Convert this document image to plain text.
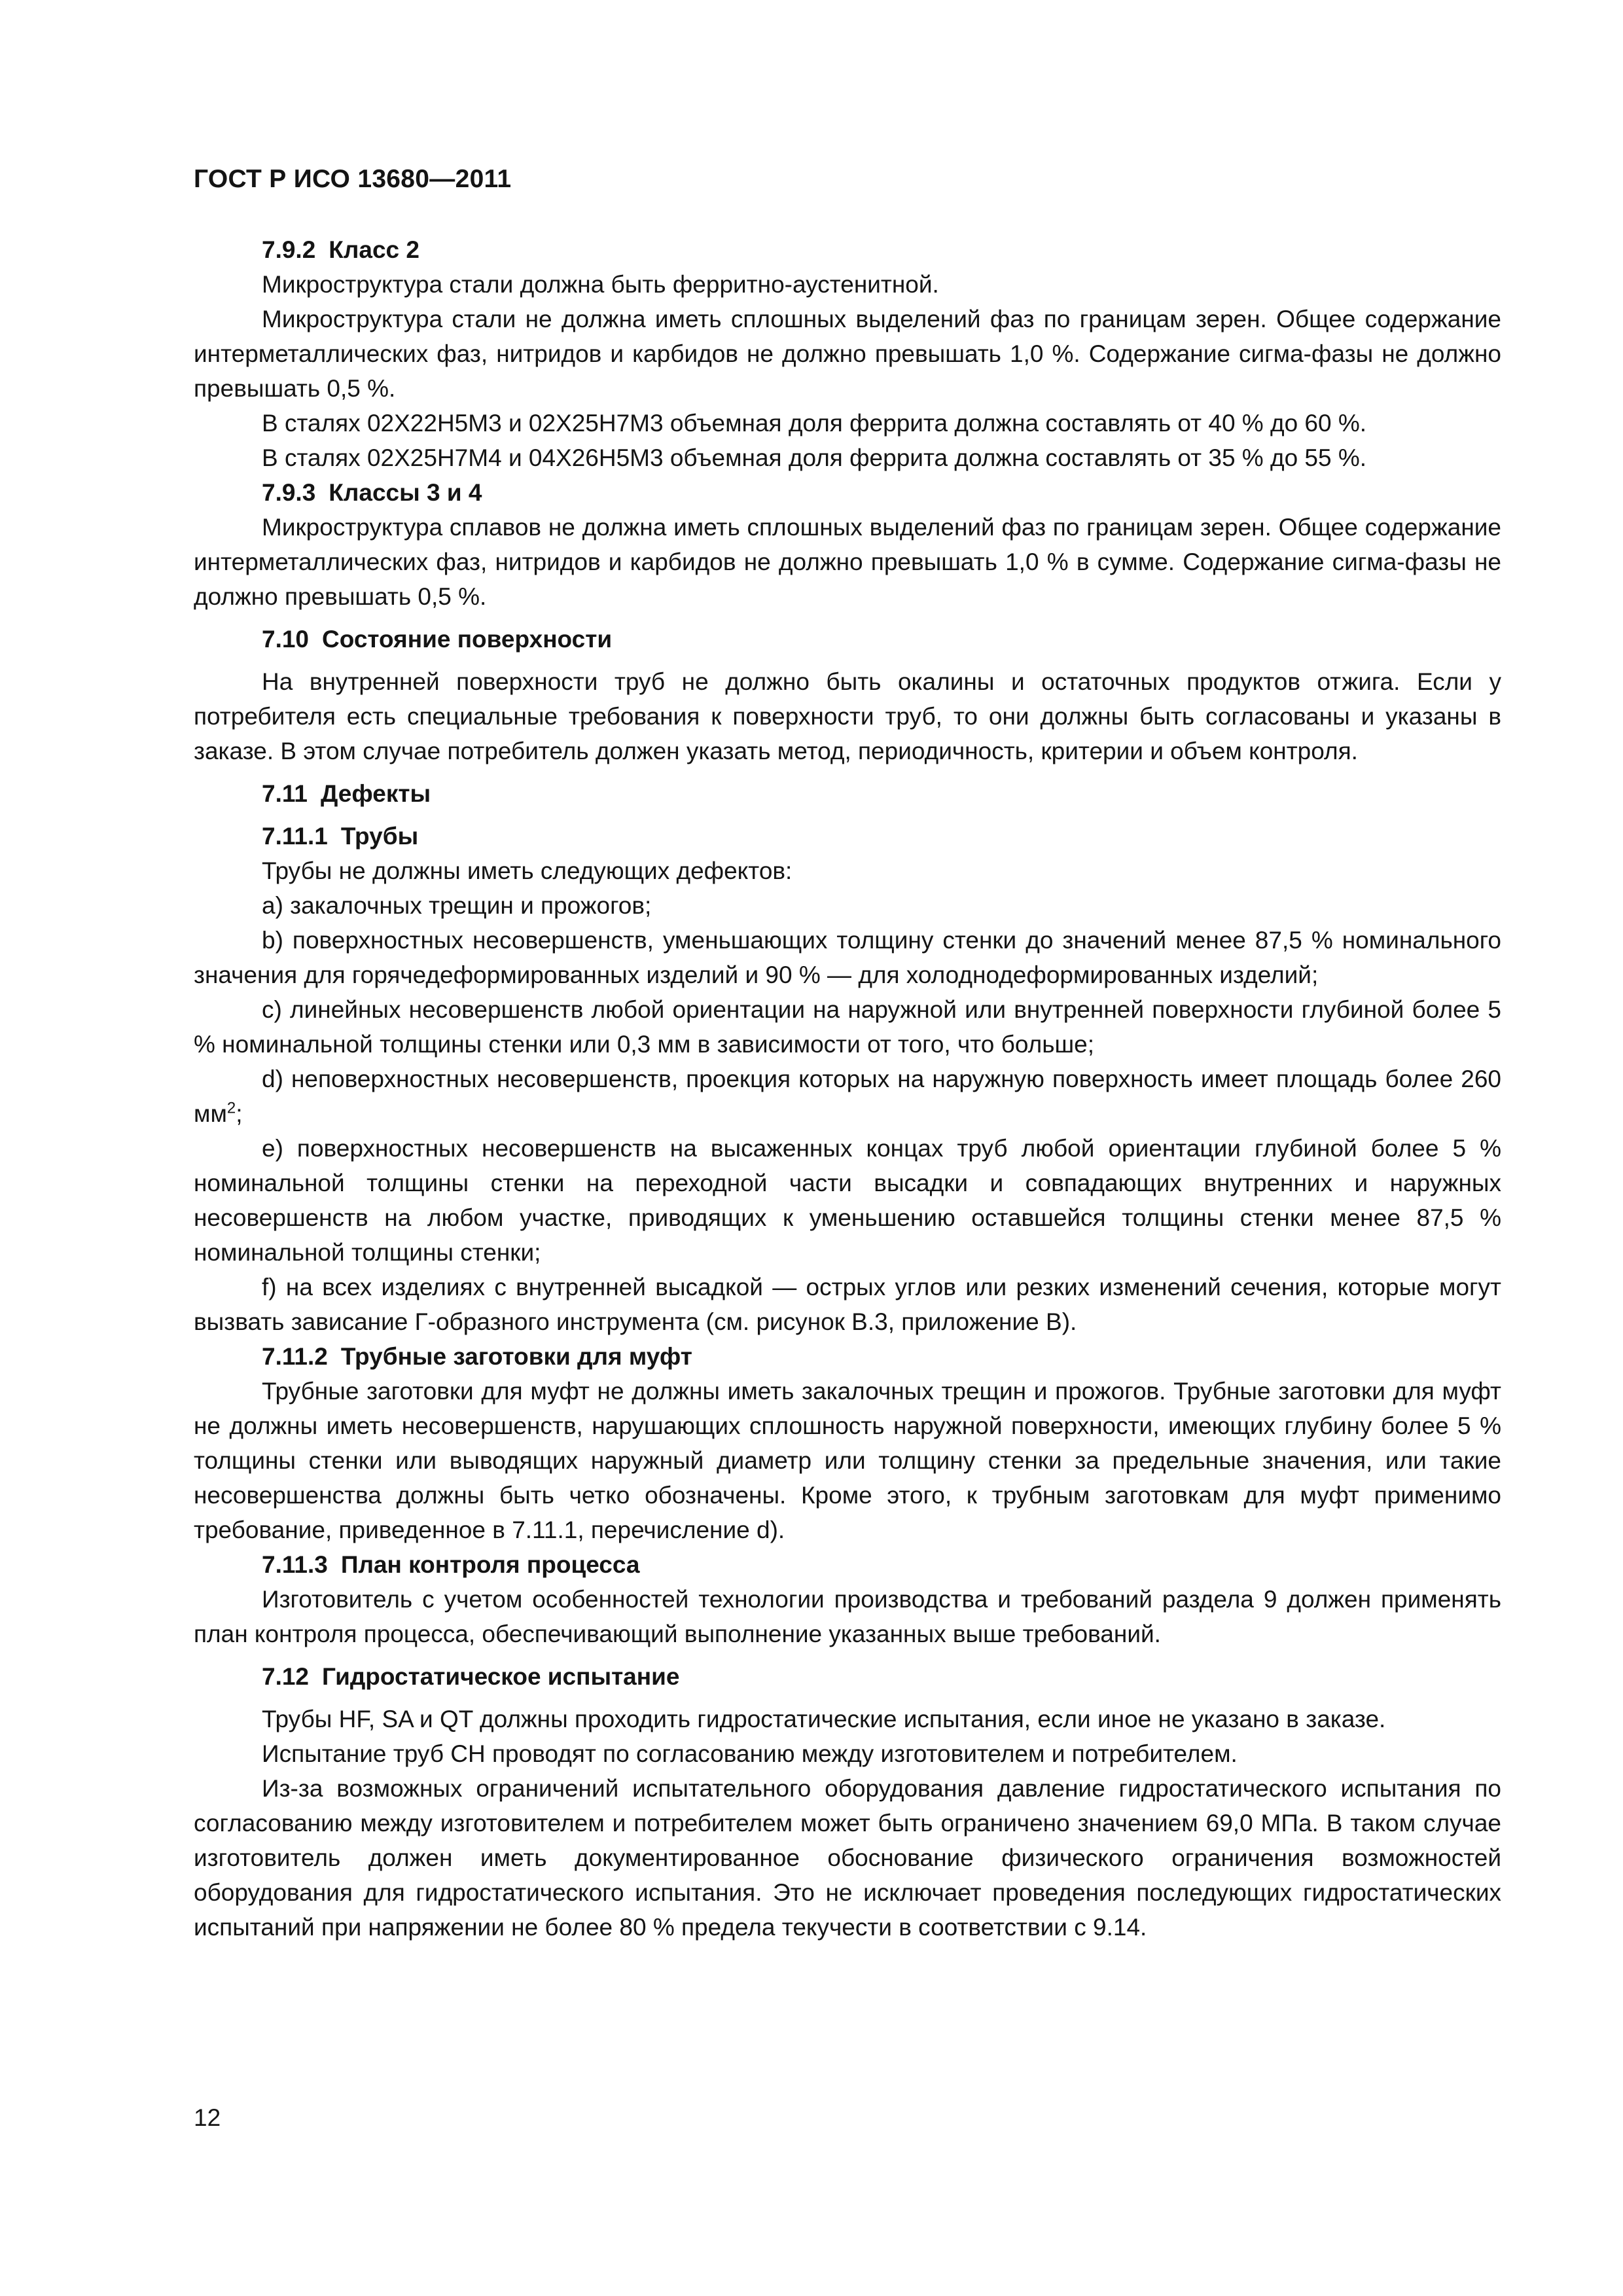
ГОСТ Р ИСО 13680—2011
7.9.2 Класс 2

Микроструктура стали должна быть ферритно-аустенитной.

Микроструктура стали не должна иметь сплошных выделений фаз по границам зерен. Общее содержание интерметаллических фаз, нитридов и карбидов не должно превышать 1,0 %. Содержание сигма-фазы не должно превышать 0,5 %.

В сталях 02Х22Н5М3 и 02Х25Н7М3 объемная доля феррита должна составлять от 40 % до 60 %.

В сталях 02Х25Н7М4 и 04Х26Н5М3 объемная доля феррита должна составлять от 35 % до 55 %.

7.9.3 Классы 3 и 4

Микроструктура сплавов не должна иметь сплошных выделений фаз по границам зерен. Общее содержание интерметаллических фаз, нитридов и карбидов не должно превышать 1,0 % в сумме. Содержание сигма-фазы не должно превышать 0,5 %.

7.10 Состояние поверхности

На внутренней поверхности труб не должно быть окалины и остаточных продуктов отжига. Если у потребителя есть специальные требования к поверхности труб, то они должны быть согласованы и указаны в заказе. В этом случае потребитель должен указать метод, периодичность, критерии и объем контроля.

7.11 Дефекты
7.11.1 Трубы

Трубы не должны иметь следующих дефектов:

a) закалочных трещин и прожогов;

b) поверхностных несовершенств, уменьшающих толщину стенки до значений менее 87,5 % номинального значения для горячедеформированных изделий и 90 % — для холоднодеформированных изделий;

c) линейных несовершенств любой ориентации на наружной или внутренней поверхности глубиной более 5 % номинальной толщины стенки или 0,3 мм в зависимости от того, что больше;

d) неповерхностных несовершенств, проекция которых на наружную поверхность имеет площадь более 260 $мм^2$;

e) поверхностных несовершенств на высаженных концах труб любой ориентации глубиной более 5 % номинальной толщины стенки на переходной части высадки и совпадающих внутренних и наружных несовершенств на любом участке, приводящих к уменьшению оставшейся толщины стенки менее 87,5 % номинальной толщины стенки;

f) на всех изделиях с внутренней высадкой — острых углов или резких изменений сечения, которые могут вызвать зависание Г-образного инструмента (см. рисунок В.3, приложение В).

7.11.2 Трубные заготовки для муфт

Трубные заготовки для муфт не должны иметь закалочных трещин и прожогов. Трубные заготовки для муфт не должны иметь несовершенств, нарушающих сплошность наружной поверхности, имеющих глубину более 5 % толщины стенки или выводящих наружный диаметр или толщину стенки за предельные значения, или такие несовершенства должны быть четко обозначены. Кроме этого, к трубным заготовкам для муфт применимо требование, приведенное в 7.11.1, перечисление d).

7.11.3 План контроля процесса

Изготовитель с учетом особенностей технологии производства и требований раздела 9 должен применять план контроля процесса, обеспечивающий выполнение указанных выше требований.

7.12 Гидростатическое испытание

Трубы HF, SA и QT должны проходить гидростатические испытания, если иное не указано в заказе.

Испытание труб CH проводят по согласованию между изготовителем и потребителем.

Из-за возможных ограничений испытательного оборудования давление гидростатического испытания по согласованию между изготовителем и потребителем может быть ограничено значением 69,0 МПа. В таком случае изготовитель должен иметь документированное обоснование физического ограничения возможностей оборудования для гидростатического испытания. Это не исключает проведения последующих гидростатических испытаний при напряжении не более 80 % предела текучести в соответствии с 9.14.

12
